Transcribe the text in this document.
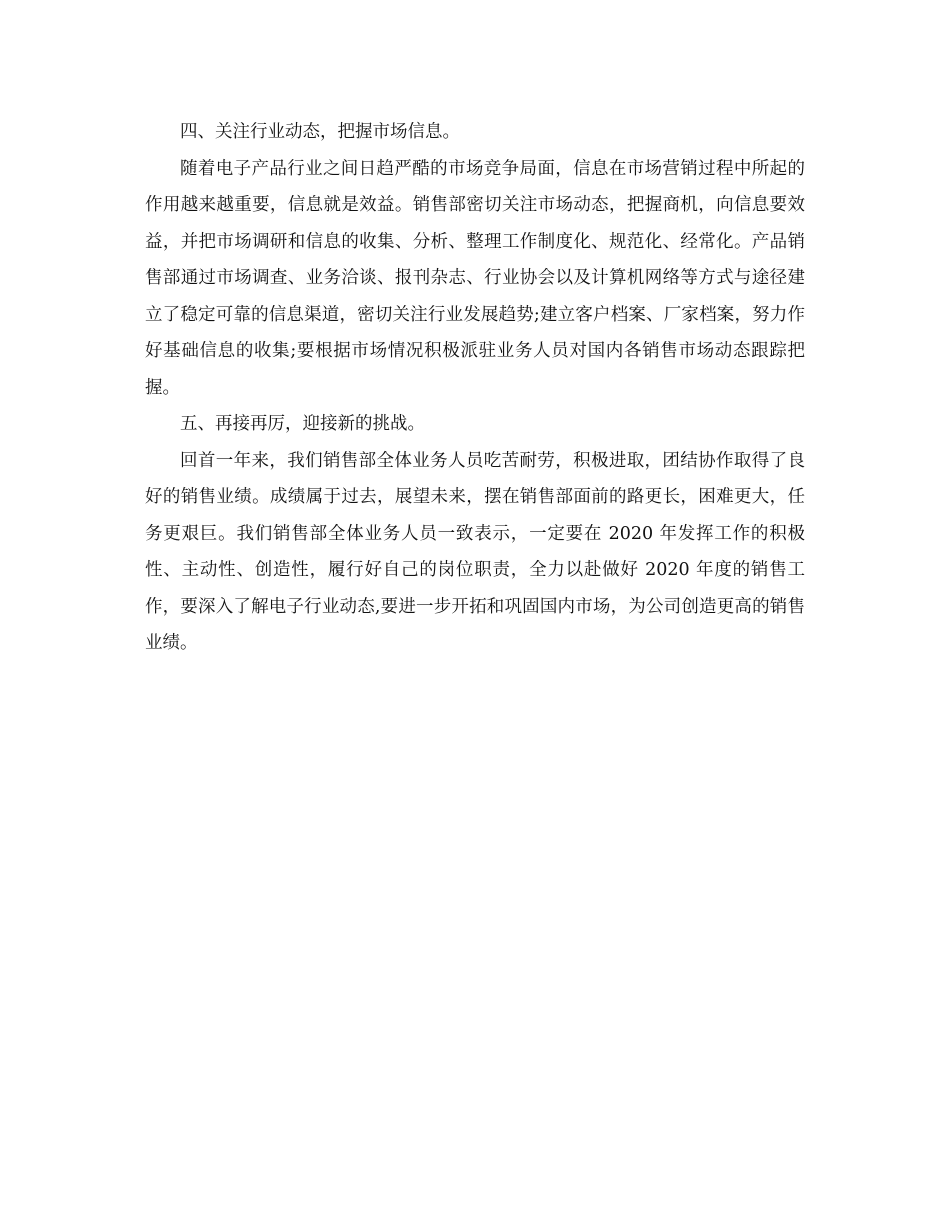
四、关注行业动态，把握市场信息。

随着电子产品行业之间日趋严酷的市场竞争局面，信息在市场营销过程中所起的作用越来越重要，信息就是效益。销售部密切关注市场动态，把握商机，向信息要效益，并把市场调研和信息的收集、分析、整理工作制度化、规范化、经常化。产品销售部通过市场调查、业务洽谈、报刊杂志、行业协会以及计算机网络等方式与途径建立了稳定可靠的信息渠道，密切关注行业发展趋势;建立客户档案、厂家档案，努力作好基础信息的收集;要根据市场情况积极派驻业务人员对国内各销售市场动态跟踪把握。

五、再接再厉，迎接新的挑战。

回首一年来，我们销售部全体业务人员吃苦耐劳，积极进取，团结协作取得了良好的销售业绩。成绩属于过去，展望未来，摆在销售部面前的路更长，困难更大，任务更艰巨。我们销售部全体业务人员一致表示，一定要在 2020 年发挥工作的积极性、主动性、创造性，履行好自己的岗位职责，全力以赴做好 2020 年度的销售工作，要深入了解电子行业动态,要进一步开拓和巩固国内市场，为公司创造更高的销售业绩。
